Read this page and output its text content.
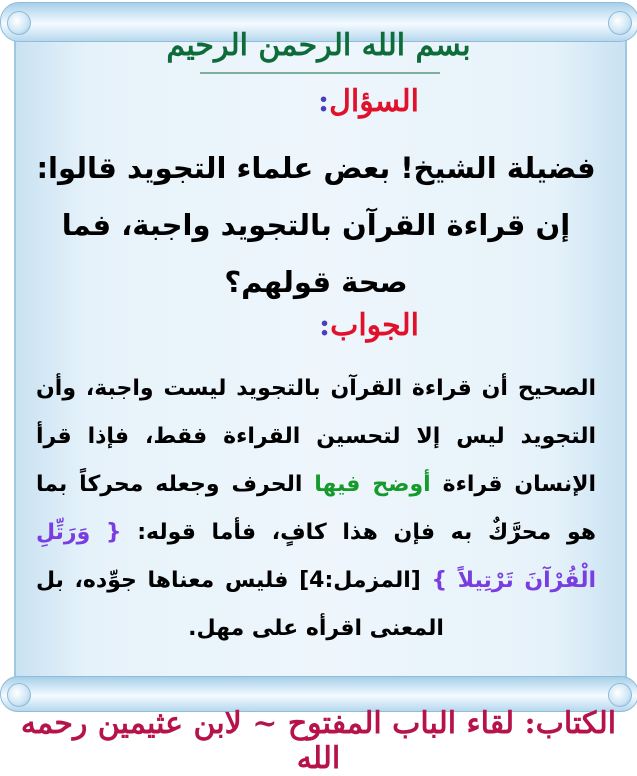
بسم الله الرحمن الرحيم
السؤال:
فضيلة الشيخ! بعض علماء التجويد قالوا: إن قراءة القرآن بالتجويد واجبة، فما صحة قولهم؟
الجواب:
الصحيح أن قراءة القرآن بالتجويد ليست واجبة، وأن التجويد ليس إلا لتحسين القراءة فقط، فإذا قرأ الإنسان قراءة أوضح فيها الحرف وجعله محركاً بما هو محرَّكٌ به فإن هذا كافٍ، فأما قوله: { وَرَتِّلِ الْقُرْآنَ تَرْتِيلاً } [المزمل:4] فليس معناها جوِّده، بل المعنى اقرأه على مهل.
الكتاب: لقاء الباب المفتوح ~ لابن عثيمين رحمه الله
